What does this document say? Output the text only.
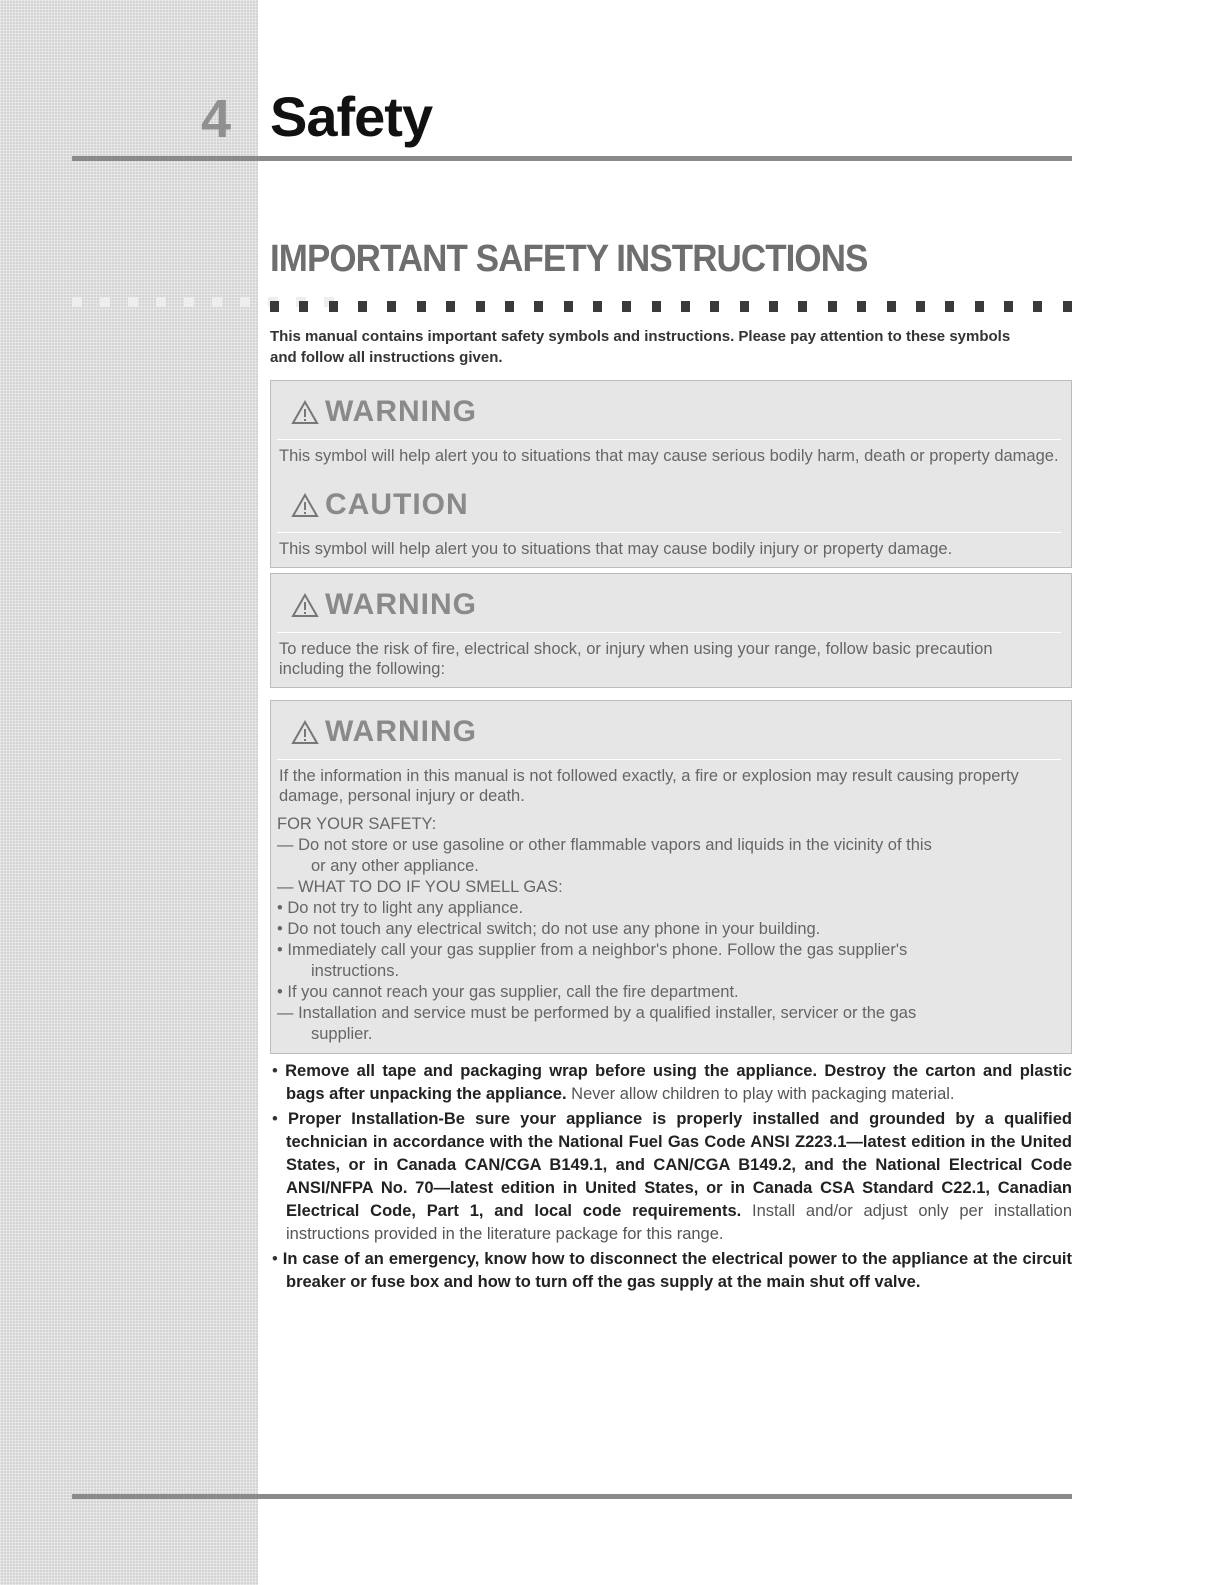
4 Safety
IMPORTANT SAFETY INSTRUCTIONS

This manual contains important safety symbols and instructions. Please pay attention to these symbols and follow all instructions given.

WARNING

This symbol will help alert you to situations that may cause serious bodily harm, death or property damage.

CAUTION

This symbol will help alert you to situations that may cause bodily injury or property damage.

WARNING

To reduce the risk of fire, electrical shock, or injury when using your range, follow basic precaution including the following:

WARNING

If the information in this manual is not followed exactly, a fire or explosion may result causing property damage, personal injury or death.

FOR YOUR SAFETY:

— Do not store or use gasoline or other flammable vapors and liquids in the vicinity of this

or any other appliance.

— WHAT TO DO IF YOU SMELL GAS:

• Do not try to light any appliance.

• Do not touch any electrical switch; do not use any phone in your building.

• Immediately call your gas supplier from a neighbor's phone. Follow the gas supplier's

instructions.

• If you cannot reach your gas supplier, call the fire department.

— Installation and service must be performed by a qualified installer, servicer or the gas

supplier.

• Remove all tape and packaging wrap before using the appliance. Destroy the carton and plastic bags after unpacking the appliance. Never allow children to play with packaging material.

• Proper Installation-Be sure your appliance is properly installed and grounded by a qualified technician in accordance with the National Fuel Gas Code ANSI Z223.1—latest edition in the United States, or in Canada CAN/CGA B149.1, and CAN/CGA B149.2, and the National Electrical Code ANSI/NFPA No. 70—latest edition in United States, or in Canada CSA Standard C22.1, Canadian Electrical Code, Part 1, and local code requirements. Install and/or adjust only per installation instructions provided in the literature package for this range.

• In case of an emergency, know how to disconnect the electrical power to the appliance at the circuit breaker or fuse box and how to turn off the gas supply at the main shut off valve.
